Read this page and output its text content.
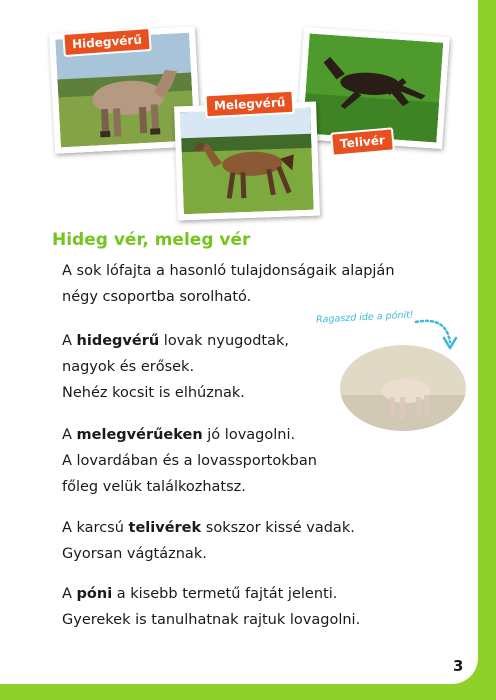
Hidegvérű
Melegvérű
Telivér
Hideg vér, meleg vér
A sok lófajta a hasonló tulajdonságaik alapján
négy csoportba sorolható.
A hidegvérű lovak nyugodtak,
nagyok és erősek.
Nehéz kocsit is elhúznak.
A melegvérűeken jó lovagolni.
A lovardában és a lovassportokban
főleg velük találkozhatsz.
A karcsú telivérek sokszor kissé vadak.
Gyorsan vágtáznak.
A póni a kisebb termetű fajtát jelenti.
Gyerekek is tanulhatnak rajtuk lovagolni.
Ragaszd ide a pónit!
3
